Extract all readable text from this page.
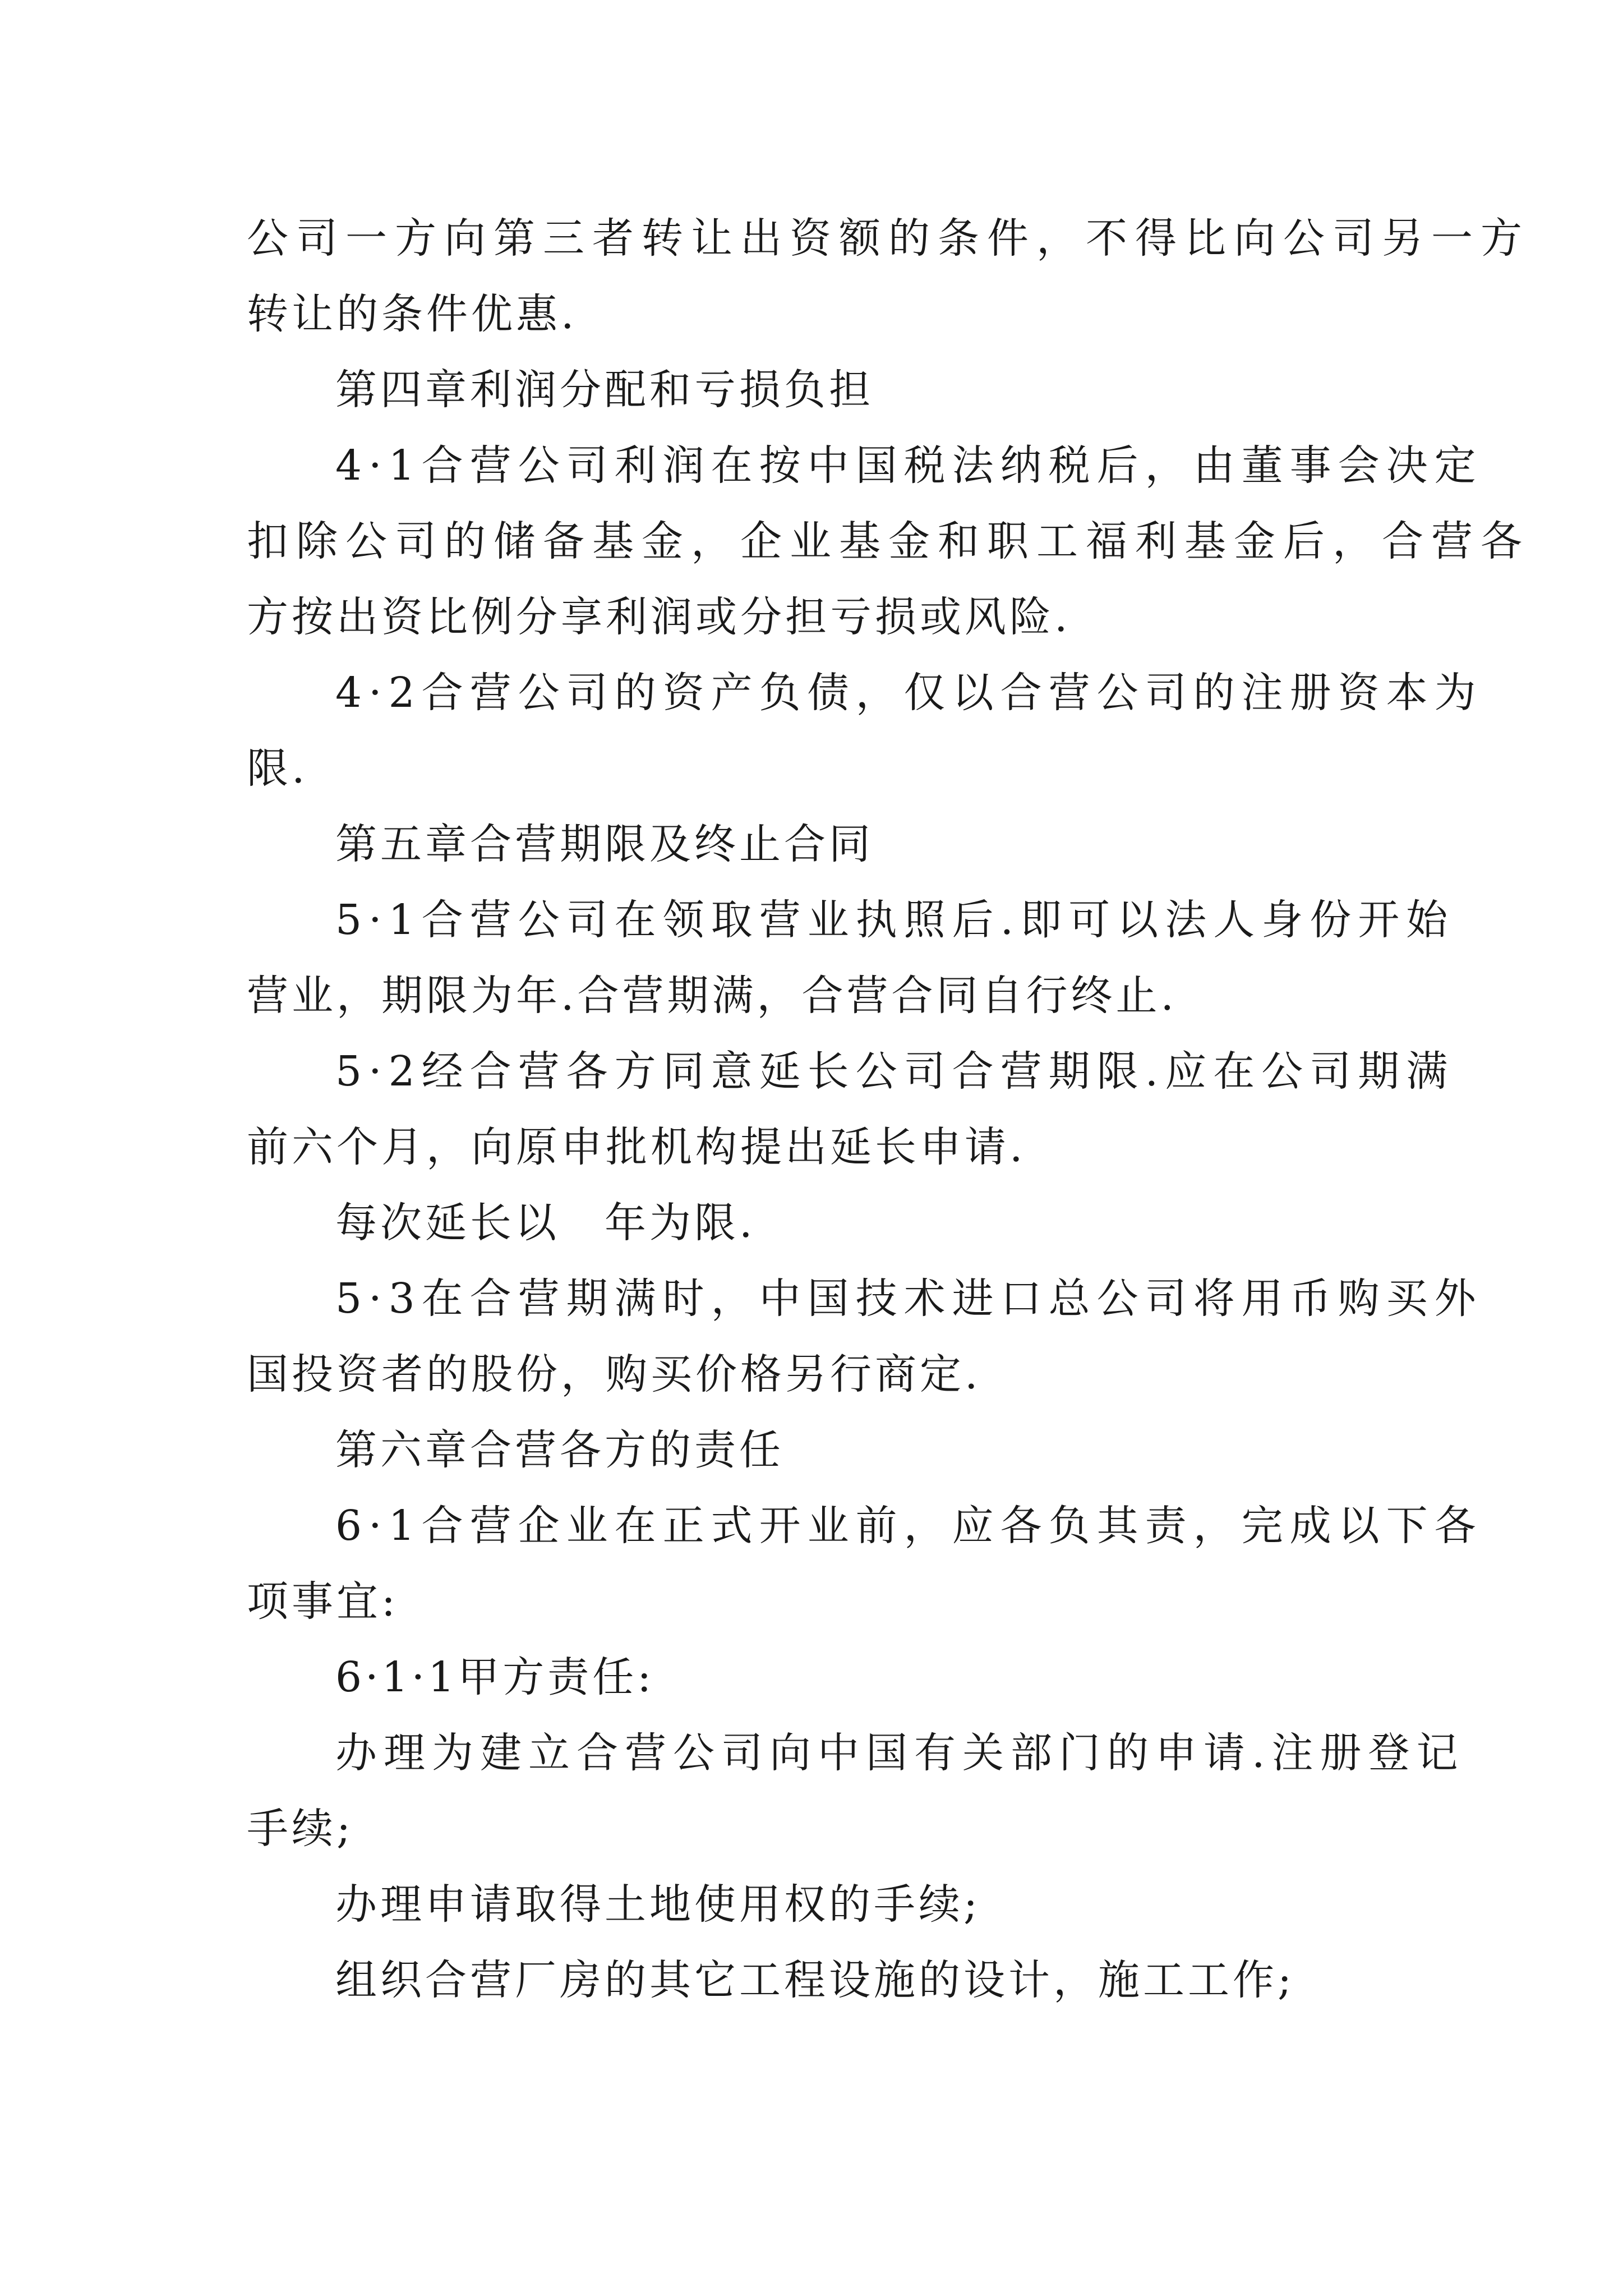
公司一方向第三者转让出资额的条件，不得比向公司另一方
转让的条件优惠.
第四章利润分配和亏损负担
4·1合营公司利润在按中国税法纳税后，由董事会决定
扣除公司的储备基金，企业基金和职工福利基金后，合营各
方按出资比例分享利润或分担亏损或风险.
4·2合营公司的资产负债，仅以合营公司的注册资本为
限.
第五章合营期限及终止合同
5·1合营公司在领取营业执照后.即可以法人身份开始
营业，期限为年.合营期满，合营合同自行终止.
5·2经合营各方同意延长公司合营期限.应在公司期满
前六个月，向原申批机构提出延长申请.
每次延长以　年为限.
5·3在合营期满时，中国技术进口总公司将用币购买外
国投资者的股份，购买价格另行商定.
第六章合营各方的责任
6·1合营企业在正式开业前，应各负其责，完成以下各
项事宜:
6·1·1甲方责任:
办理为建立合营公司向中国有关部门的申请.注册登记
手续;
办理申请取得土地使用权的手续;
组织合营厂房的其它工程设施的设计，施工工作;
